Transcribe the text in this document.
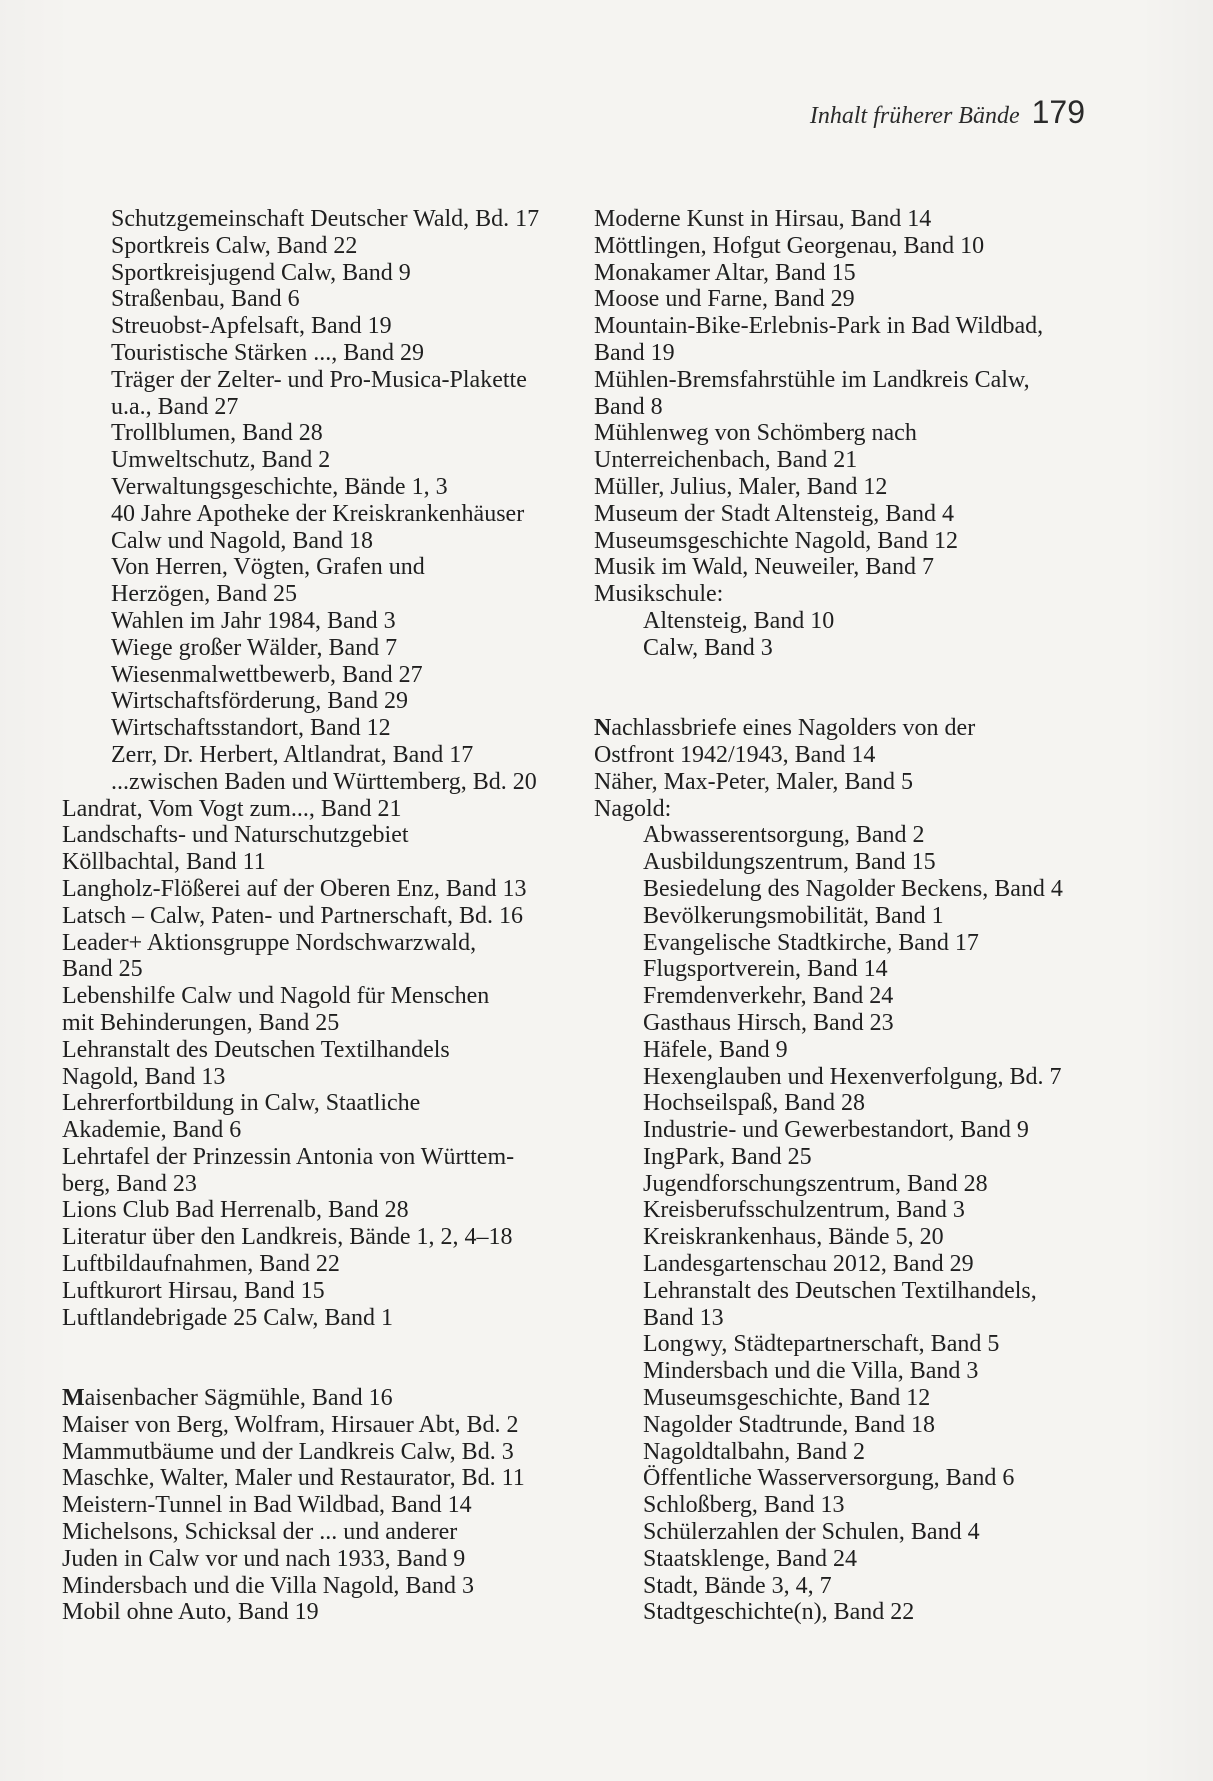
Inhalt früherer Bände 179
Schutzgemeinschaft Deutscher Wald, Bd. 17
Sportkreis Calw, Band 22
Sportkreisjugend Calw, Band 9
Straßenbau, Band 6
Streuobst-Apfelsaft, Band 19
Touristische Stärken ..., Band 29
Träger der Zelter- und Pro-Musica-Plakette
u.a., Band 27
Trollblumen, Band 28
Umweltschutz, Band 2
Verwaltungsgeschichte, Bände 1, 3
40 Jahre Apotheke der Kreiskrankenhäuser
Calw und Nagold, Band 18
Von Herren, Vögten, Grafen und
Herzögen, Band 25
Wahlen im Jahr 1984, Band 3
Wiege großer Wälder, Band 7
Wiesenmalwettbewerb, Band 27
Wirtschaftsförderung, Band 29
Wirtschaftsstandort, Band 12
Zerr, Dr. Herbert, Altlandrat, Band 17
...zwischen Baden und Württemberg, Bd. 20
Landrat, Vom Vogt zum..., Band 21
Landschafts- und Naturschutzgebiet
Köllbachtal, Band 11
Langholz-Flößerei auf der Oberen Enz, Band 13
Latsch – Calw, Paten- und Partnerschaft, Bd. 16
Leader+ Aktionsgruppe Nordschwarzwald,
Band 25
Lebenshilfe Calw und Nagold für Menschen
mit Behinderungen, Band 25
Lehranstalt des Deutschen Textilhandels
Nagold, Band 13
Lehrerfortbildung in Calw, Staatliche
Akademie, Band 6
Lehrtafel der Prinzessin Antonia von Württem-
berg, Band 23
Lions Club Bad Herrenalb, Band 28
Literatur über den Landkreis, Bände 1, 2, 4–18
Luftbildaufnahmen, Band 22
Luftkurort Hirsau, Band 15
Luftlandebrigade 25 Calw, Band 1
Maisenbacher Sägmühle, Band 16
Maiser von Berg, Wolfram, Hirsauer Abt, Bd. 2
Mammutbäume und der Landkreis Calw, Bd. 3
Maschke, Walter, Maler und Restaurator, Bd. 11
Meistern-Tunnel in Bad Wildbad, Band 14
Michelsons, Schicksal der ... und anderer
Juden in Calw vor und nach 1933, Band 9
Mindersbach und die Villa Nagold, Band 3
Mobil ohne Auto, Band 19
Moderne Kunst in Hirsau, Band 14
Möttlingen, Hofgut Georgenau, Band 10
Monakamer Altar, Band 15
Moose und Farne, Band 29
Mountain-Bike-Erlebnis-Park in Bad Wildbad,
Band 19
Mühlen-Bremsfahrstühle im Landkreis Calw,
Band 8
Mühlenweg von Schömberg nach
Unterreichenbach, Band 21
Müller, Julius, Maler, Band 12
Museum der Stadt Altensteig, Band 4
Museumsgeschichte Nagold, Band 12
Musik im Wald, Neuweiler, Band 7
Musikschule:
Altensteig, Band 10
Calw, Band 3
Nachlassbriefe eines Nagolders von der
Ostfront 1942/1943, Band 14
Näher, Max-Peter, Maler, Band 5
Nagold:
Abwasserentsorgung, Band 2
Ausbildungszentrum, Band 15
Besiedelung des Nagolder Beckens, Band 4
Bevölkerungsmobilität, Band 1
Evangelische Stadtkirche, Band 17
Flugsportverein, Band 14
Fremdenverkehr, Band 24
Gasthaus Hirsch, Band 23
Häfele, Band 9
Hexenglauben und Hexenverfolgung, Bd. 7
Hochseilspaß, Band 28
Industrie- und Gewerbestandort, Band 9
IngPark, Band 25
Jugendforschungszentrum, Band 28
Kreisberufsschulzentrum, Band 3
Kreiskrankenhaus, Bände 5, 20
Landesgartenschau 2012, Band 29
Lehranstalt des Deutschen Textilhandels,
Band 13
Longwy, Städtepartnerschaft, Band 5
Mindersbach und die Villa, Band 3
Museumsgeschichte, Band 12
Nagolder Stadtrunde, Band 18
Nagoldtalbahn, Band 2
Öffentliche Wasserversorgung, Band 6
Schloßberg, Band 13
Schülerzahlen der Schulen, Band 4
Staatsklenge, Band 24
Stadt, Bände 3, 4, 7
Stadtgeschichte(n), Band 22
